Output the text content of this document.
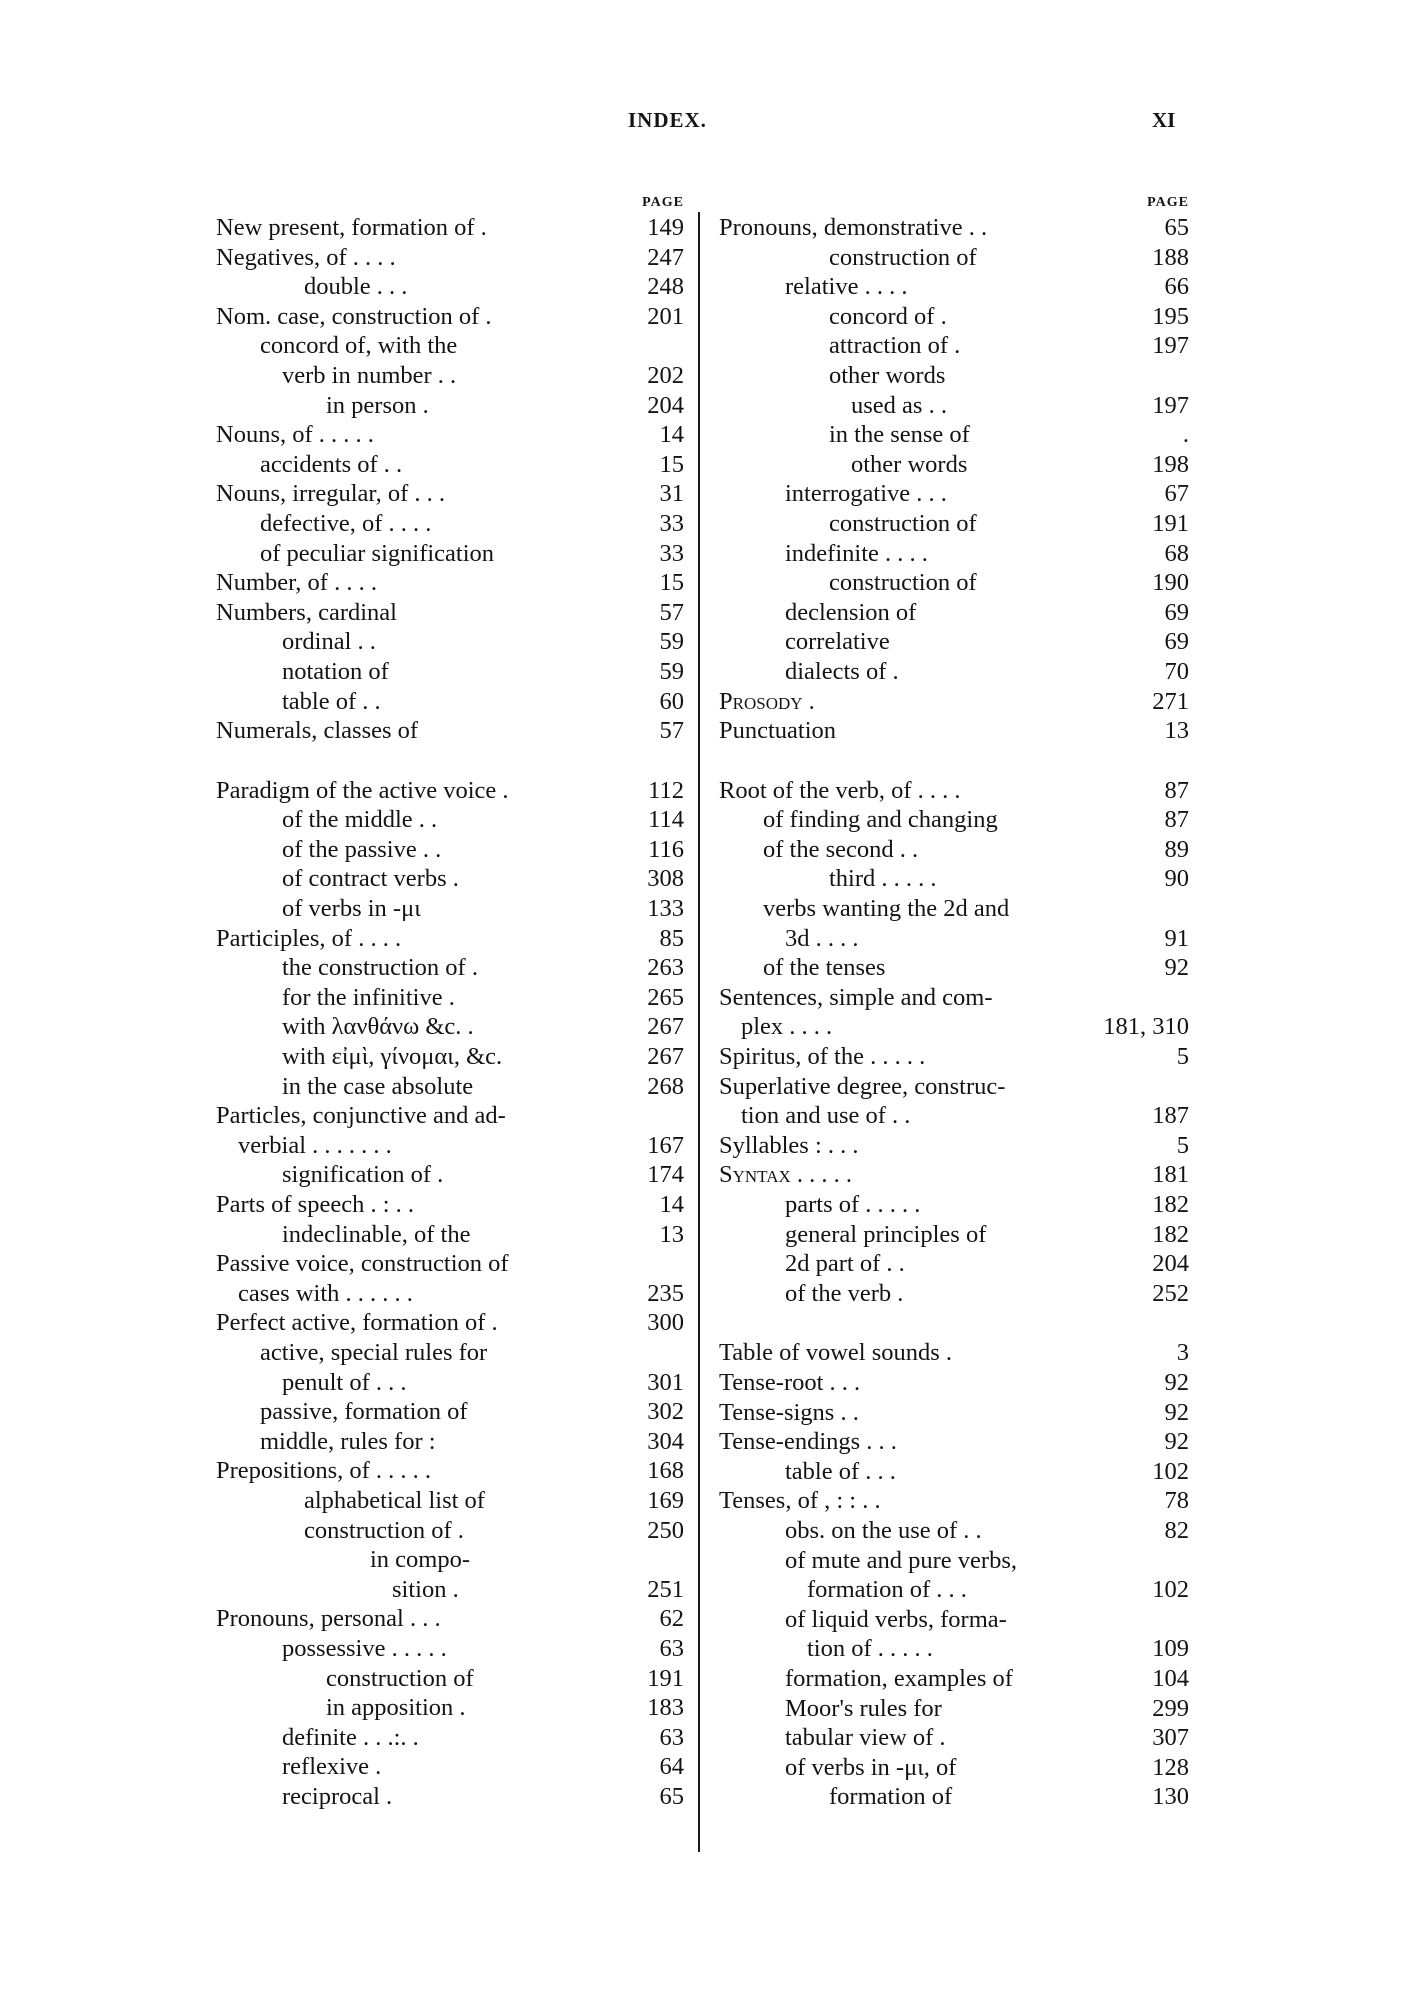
INDEX.	XI
PAGE
New present, formation of .	149
Negatives, of . . . .	247
double . . .	248
Nom. case, construction of .	201
concord of, with the
verb in number . .	202
in person .	204
Nouns, of . . . . .	14
accidents of . .	15
Nouns, irregular, of . . .	31
defective, of . . . .	33
of peculiar signification	33
Number, of . . . .	15
Numbers, cardinal	57
ordinal . .	59
notation of	59
table of . .	60
Numerals, classes of	57
Paradigm of the active voice .	112
of the middle . .	114
of the passive . .	116
of contract verbs .	308
of verbs in -μι	133
Participles, of . . . .	85
the construction of .	263
for the infinitive .	265
with λανθάνω &c. .	267
with εἰμὶ, γίνομαι, &c.	267
in the case absolute	268
Particles, conjunctive and ad-
verbial . . . . . . .	167
signification of .	174
Parts of speech . : . .	14
indeclinable, of the	13
Passive voice, construction of
cases with . . . . . .	235
Perfect active, formation of .	300
active, special rules for
penult of . . .	301
passive, formation of	302
middle, rules for :	304
Prepositions, of . . . . .	168
alphabetical list of	169
construction of .	250
in compo-
sition .	251
Pronouns, personal . . .	62
possessive . . . . .	63
construction of	191
in apposition .	183
definite . . .:. .	63
reflexive .	64
reciprocal .	65
PAGE
Pronouns, demonstrative . .	65
construction of	188
relative . . . .	66
concord of .	195
attraction of .	197
other words
used as . .	197
in the sense of	.
other words	198
interrogative . . .	67
construction of	191
indefinite . . . .	68
construction of	190
declension of	69
correlative	69
dialects of .	70
Prosody .	271
Punctuation	13
Root of the verb, of . . . .	87
of finding and changing	87
of the second . .	89
third . . . . .	90
verbs wanting the 2d and
3d . . . .	91
of the tenses	92
Sentences, simple and com-
plex . . . .	181, 310
Spiritus, of the . . . . .	5
Superlative degree, construc-
tion and use of . .	187
Syllables : . . .	5
Syntax . . . . .	181
parts of . . . . .	182
general principles of	182
2d part of . .	204
of the verb .	252
Table of vowel sounds .	3
Tense-root . . .	92
Tense-signs . .	92
Tense-endings . . .	92
table of . . .	102
Tenses, of , : : . .	78
obs. on the use of . .	82
of mute and pure verbs,
formation of . . .	102
of liquid verbs, forma-
tion of . . . . .	109
formation, examples of	104
Moor's rules for	299
tabular view of .	307
of verbs in -μι, of	128
formation of	130
